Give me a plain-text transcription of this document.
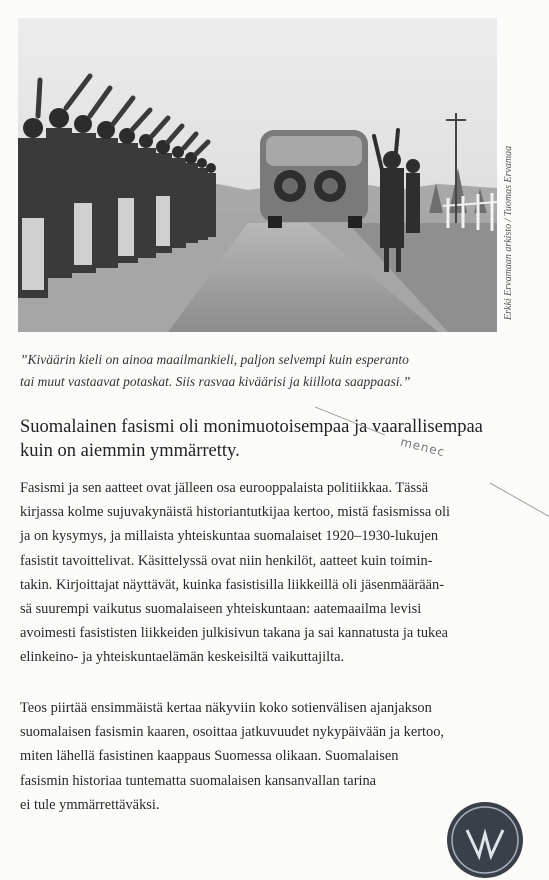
Erkki Ervamaan arkisto / Tuomas Ervamaa
”Kiväärin kieli on ainoa maailmankieli, paljon selvempi kuin esperanto
tai muut vastaavat potaskat. Siis rasvaa kiväärisi ja kiillota saappaasi.”
Suomalainen fasismi oli monimuotoisempaa ja vaarallisempaa
kuin on aiemmin ymmärretty.	menec
Fasismi ja sen aatteet ovat jälleen osa eurooppalaista politiikkaa. Tässä
kirjassa kolme sujuvakynäistä historiantutkijaa kertoo, mistä fasismissa oli
ja on kysymys, ja millaista yhteiskuntaa suomalaiset 1920–1930-lukujen
fasistit tavoittelivat. Käsittelyssä ovat niin henkilöt, aatteet kuin toimin-
takin. Kirjoittajat näyttävät, kuinka fasistisilla liikkeillä oli jäsenmäärään-
sä suurempi vaikutus suomalaiseen yhteiskuntaan: aatemaailma levisi
avoimesti fasististen liikkeiden julkisivun takana ja sai kannatusta ja tukea
elinkeino- ja yhteiskuntaelämän keskeisiltä vaikuttajilta.
Teos piirtää ensimmäistä kertaa näkyviin koko sotienvälisen ajanjakson
suomalaisen fasismin kaaren, osoittaa jatkuvuudet nykypäivään ja kertoo,
miten lähellä fasistinen kaappaus Suomessa olikaan. Suomalaisen
fasismin historiaa tuntematta suomalaisen kansanvallan tarina
ei tule ymmärrettäväksi.
